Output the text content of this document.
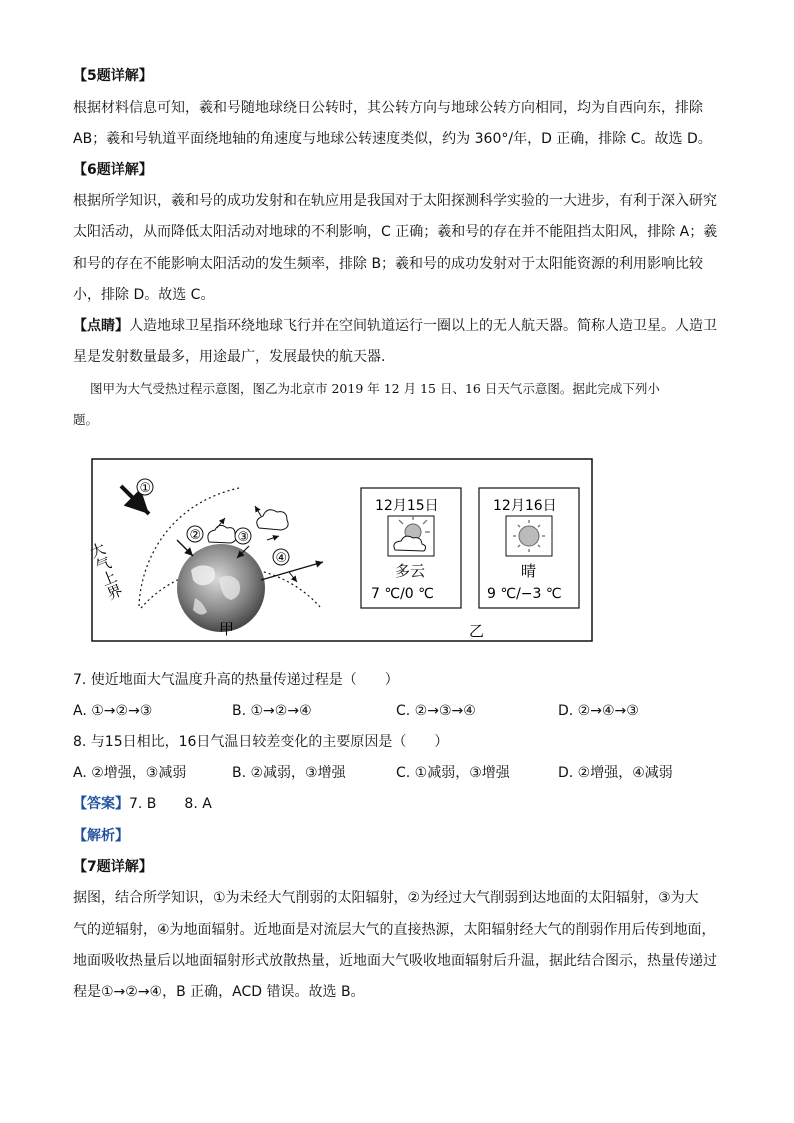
【5题详解】
根据材料信息可知，羲和号随地球绕日公转时，其公转方向与地球公转方向相同，均为自西向东，排除
AB；羲和号轨道平面绕地轴的角速度与地球公转速度类似，约为 360°/年，D 正确，排除 C。故选 D。
【6题详解】
根据所学知识，羲和号的成功发射和在轨应用是我国对于太阳探测科学实验的一大进步，有利于深入研究
太阳活动，从而降低太阳活动对地球的不利影响，C 正确；羲和号的存在并不能阻挡太阳风，排除 A；羲
和号的存在不能影响太阳活动的发生频率，排除 B；羲和号的成功发射对于太阳能资源的利用影响比较
小，排除 D。故选 C。
【点睛】人造地球卫星指环绕地球飞行并在空间轨道运行一圈以上的无人航天器。简称人造卫星。人造卫
星是发射数量最多，用途最广，发展最快的航天器.
图甲为大气受热过程示意图，图乙为北京市 2019 年 12 月 15 日、16 日天气示意图。据此完成下列小
题。
大气上界
①
②	③
④
甲
12月15日
多云
7 ℃/0 ℃
12月16日
晴
9 ℃/−3 ℃
乙
7. 使近地面大气温度升高的热量传递过程是（　　）
A. ①→②→③	B. ①→②→④	C. ②→③→④	D. ②→④→③
8. 与15日相比，16日气温日较差变化的主要原因是（　　）
A. ②增强，③减弱	B. ②减弱，③增强	C. ①减弱，③增强	D. ②增强，④减弱
【答案】7. B　　8. A
【解析】
【7题详解】
据图，结合所学知识，①为未经大气削弱的太阳辐射，②为经过大气削弱到达地面的太阳辐射，③为大
气的逆辐射，④为地面辐射。近地面是对流层大气的直接热源，太阳辐射经大气的削弱作用后传到地面，
地面吸收热量后以地面辐射形式放散热量，近地面大气吸收地面辐射后升温，据此结合图示，热量传递过
程是①→②→④，B 正确，ACD 错误。故选 B。
